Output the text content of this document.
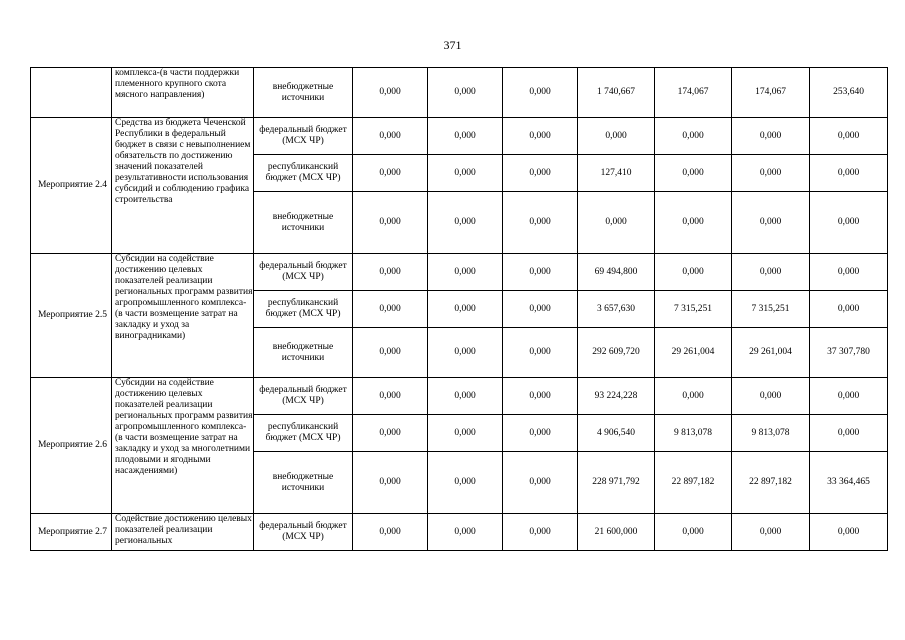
371
	комплекса-(в части поддержки племенного крупного скота мясного направления)	внебюджетные источники	0,000	0,000	0,000	1 740,667	174,067	174,067	253,640
Мероприятие 2.4	Средства из бюджета Чеченской Республики в федеральный бюджет в связи с невыполнением обязательств по достижению значений показателей результативности использования субсидий и соблюдению графика строительства	федеральный бюджет (МСХ ЧР)	0,000	0,000	0,000	0,000	0,000	0,000	0,000
		республиканский бюджет (МСХ ЧР)	0,000	0,000	0,000	127,410	0,000	0,000	0,000
		внебюджетные источники	0,000	0,000	0,000	0,000	0,000	0,000	0,000
Мероприятие 2.5	Субсидии на содействие достижению целевых показателей реализации региональных программ развития агропромышленного комплекса-(в части возмещение затрат на закладку и уход за виноградниками)	федеральный бюджет (МСХ ЧР)	0,000	0,000	0,000	69 494,800	0,000	0,000	0,000
		республиканский бюджет (МСХ ЧР)	0,000	0,000	0,000	3 657,630	7 315,251	7 315,251	0,000
		внебюджетные источники	0,000	0,000	0,000	292 609,720	29 261,004	29 261,004	37 307,780
Мероприятие 2.6	Субсидии на содействие достижению целевых показателей реализации региональных программ развития агропромышленного комплекса-(в части возмещение затрат на закладку и уход за многолетними плодовыми и ягодными насаждениями)	федеральный бюджет (МСХ ЧР)	0,000	0,000	0,000	93 224,228	0,000	0,000	0,000
		республиканский бюджет (МСХ ЧР)	0,000	0,000	0,000	4 906,540	9 813,078	9 813,078	0,000
		внебюджетные источники	0,000	0,000	0,000	228 971,792	22 897,182	22 897,182	33 364,465
Мероприятие 2.7	Содействие достижению целевых показателей реализации региональных	федеральный бюджет (МСХ ЧР)	0,000	0,000	0,000	21 600,000	0,000	0,000	0,000
